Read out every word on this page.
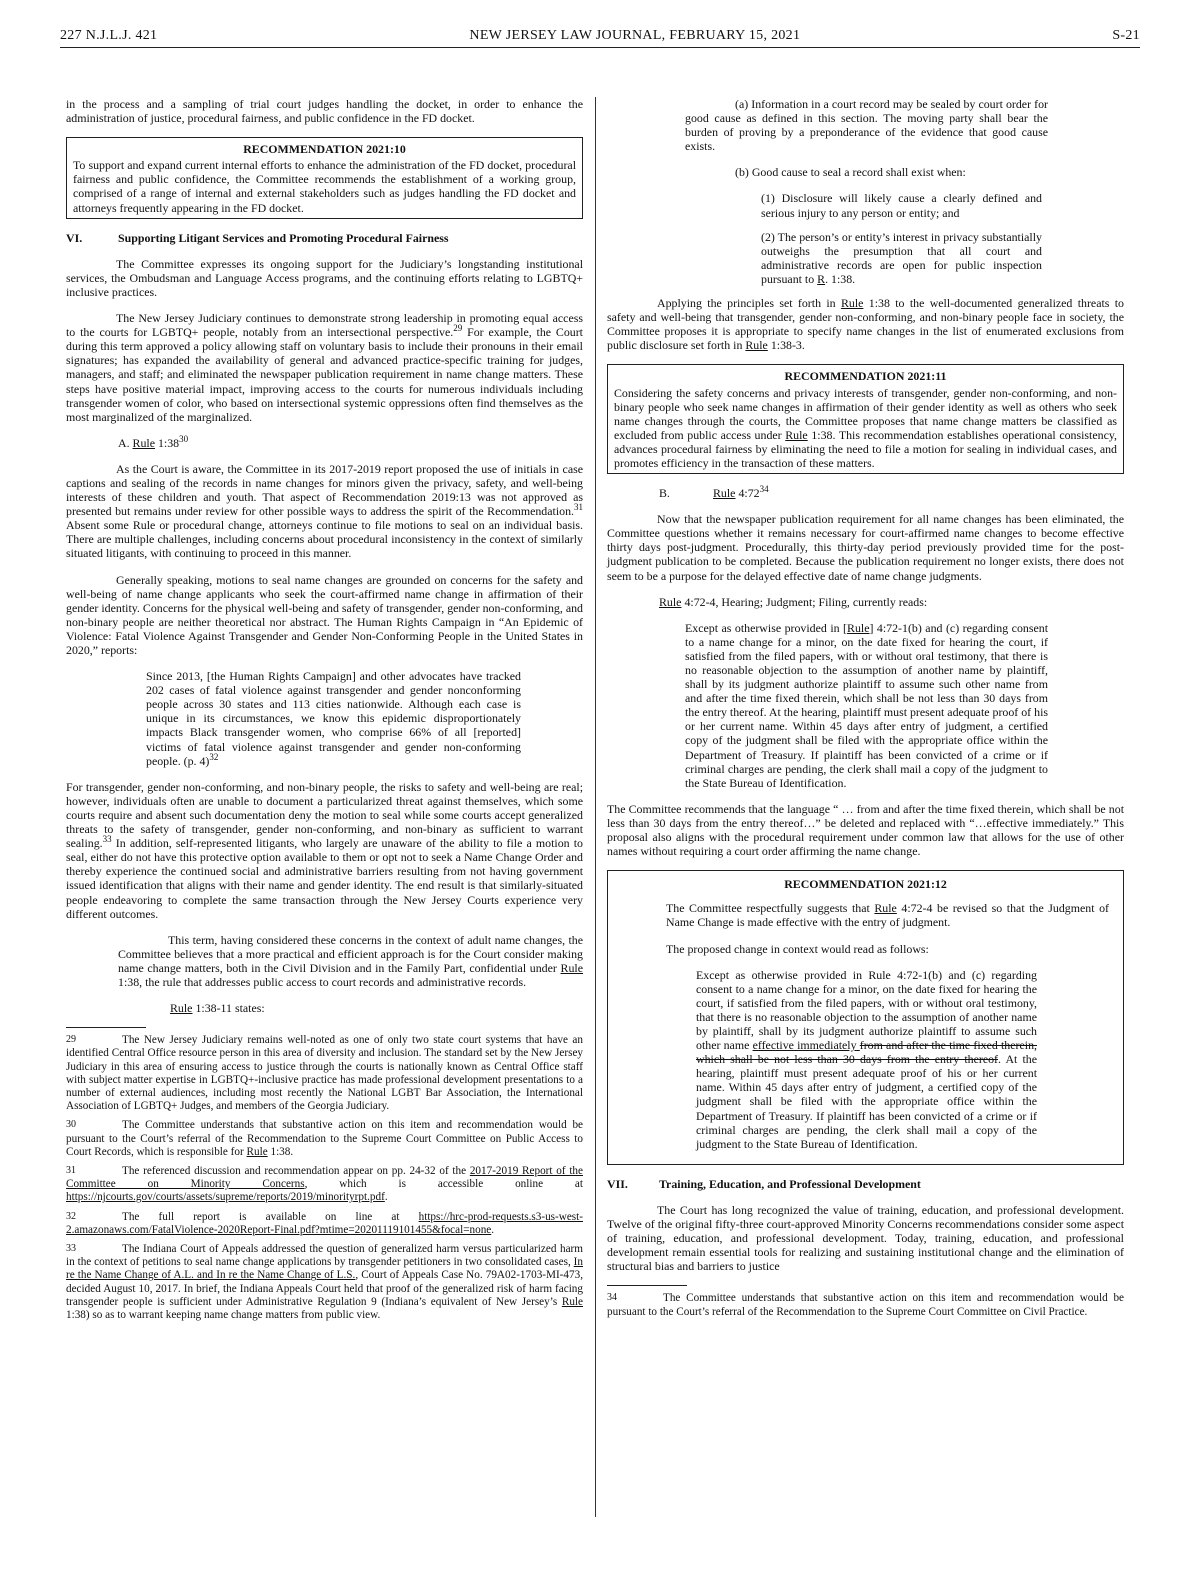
227 N.J.L.J. 421	NEW JERSEY LAW JOURNAL, FEBRUARY 15, 2021	S-21

in the process and a sampling of trial court judges handling the docket, in order to enhance the administration of justice, procedural fairness, and public confidence in the FD docket.

RECOMMENDATION 2021:10
To support and expand current internal efforts to enhance the administration of the FD docket, procedural fairness and public confidence, the Committee recommends the establishment of a working group, comprised of a range of internal and external stakeholders such as judges handling the FD docket and attorneys frequently appearing in the FD docket.
VI.	Supporting Litigant Services and Promoting Procedural Fairness

The Committee expresses its ongoing support for the Judiciary’s longstanding institutional services, the Ombudsman and Language Access programs, and the continuing efforts relating to LGBTQ+ inclusive practices.

The New Jersey Judiciary continues to demonstrate strong leadership in promoting equal access to the courts for LGBTQ+ people, notably from an intersectional perspective.$^{29}$ For example, the Court during this term approved a policy allowing staff on voluntary basis to include their pronouns in their email signatures; has expanded the availability of general and advanced practice-specific training for judges, managers, and staff; and eliminated the newspaper publication requirement in name change matters. These steps have positive material impact, improving access to the courts for numerous individuals including transgender women of color, who based on intersectional systemic oppressions often find themselves as the most marginalized of the marginalized.

A. Rule $1:38^{30}$

As the Court is aware, the Committee in its 2017-2019 report proposed the use of initials in case captions and sealing of the records in name changes for minors given the privacy, safety, and well-being interests of these children and youth. That aspect of Recommendation 2019:13 was not approved as presented but remains under review for other possible ways to address the spirit of the Recommendation.$^{31}$ Absent some Rule or procedural change, attorneys continue to file motions to seal on an individual basis. There are multiple challenges, including concerns about procedural inconsistency in the context of similarly situated litigants, with continuing to proceed in this manner.

Generally speaking, motions to seal name changes are grounded on concerns for the safety and well-being of name change applicants who seek the court-affirmed name change in affirmation of their gender identity. Concerns for the physical well-being and safety of transgender, gender non-conforming, and non-binary people are neither theoretical nor abstract. The Human Rights Campaign in “An Epidemic of Violence: Fatal Violence Against Transgender and Gender Non-Conforming People in the United States in 2020,” reports:

Since 2013, [the Human Rights Campaign] and other advocates have tracked 202 cases of fatal violence against transgender and gender nonconforming people across 30 states and 113 cities nationwide. Although each case is unique in its circumstances, we know this epidemic disproportionately impacts Black transgender women, who comprise 66% of all [reported] victims of fatal violence against transgender and gender non-conforming people. (p. 4)$^{32}$

For transgender, gender non-conforming, and non-binary people, the risks to safety and well-being are real; however, individuals often are unable to document a particularized threat against themselves, which some courts require and absent such documentation deny the motion to seal while some courts accept generalized threats to the safety of transgender, gender non-conforming, and non-binary as sufficient to warrant sealing.$^{33}$ In addition, self-represented litigants, who largely are unaware of the ability to file a motion to seal, either do not have this protective option available to them or opt not to seek a Name Change Order and thereby experience the continued social and administrative barriers resulting from not having government issued identification that aligns with their name and gender identity. The end result is that similarly-situated people endeavoring to complete the same transaction through the New Jersey Courts experience very different outcomes.

This term, having considered these concerns in the context of adult name changes, the Committee believes that a more practical and efficient approach is for the Court consider making name change matters, both in the Civil Division and in the Family Part, confidential under Rule 1:38, the rule that addresses public access to court records and administrative records.

Rule 1:38-11 states:

29	The New Jersey Judiciary remains well-noted as one of only two state court systems that have an identified Central Office resource person in this area of diversity and inclusion. The standard set by the New Jersey Judiciary in this area of ensuring access to justice through the courts is nationally known as Central Office staff with subject matter expertise in LGBTQ+-inclusive practice has made professional development presentations to a number of external audiences, including most recently the National LGBT Bar Association, the International Association of LGBTQ+ Judges, and members of the Georgia Judiciary.

30	The Committee understands that substantive action on this item and recommendation would be pursuant to the Court’s referral of the Recommendation to the Supreme Court Committee on Public Access to Court Records, which is responsible for Rule 1:38.

31	The referenced discussion and recommendation appear on pp. 24-32 of the 2017-2019 Report of the Committee on Minority Concerns, which is accessible online at https://njcourts.gov/courts/assets/supreme/reports/2019/minorityrpt.pdf.

32	The full report is available on line at https://hrc-prod-requests.s3-us-west-2.amazonaws.com/FatalViolence-2020Report-Final.pdf?mtime=20201119101455&focal=none.

33	The Indiana Court of Appeals addressed the question of generalized harm versus particularized harm in the context of petitions to seal name change applications by transgender petitioners in two consolidated cases, In re the Name Change of A.L. and In re the Name Change of L.S., Court of Appeals Case No. 79A02-1703-MI-473, decided August 10, 2017. In brief, the Indiana Appeals Court held that proof of the generalized risk of harm facing transgender people is sufficient under Administrative Regulation 9 (Indiana’s equivalent of New Jersey’s Rule 1:38) so as to warrant keeping name change matters from public view.

(a) Information in a court record may be sealed by court order for good cause as defined in this section. The moving party shall bear the burden of proving by a preponderance of the evidence that good cause exists.

(b) Good cause to seal a record shall exist when:

(1) Disclosure will likely cause a clearly defined and serious injury to any person or entity; and

(2) The person’s or entity’s interest in privacy substantially outweighs the presumption that all court and administrative records are open for public inspection pursuant to R. 1:38.

Applying the principles set forth in Rule 1:38 to the well-documented generalized threats to safety and well-being that transgender, gender non-conforming, and non-binary people face in society, the Committee proposes it is appropriate to specify name changes in the list of enumerated exclusions from public disclosure set forth in Rule 1:38-3.

RECOMMENDATION 2021:11
Considering the safety concerns and privacy interests of transgender, gender non-conforming, and non-binary people who seek name changes in affirmation of their gender identity as well as others who seek name changes through the courts, the Committee proposes that name change matters be classified as excluded from public access under Rule 1:38. This recommendation establishes operational consistency, advances procedural fairness by eliminating the need to file a motion for sealing in individual cases, and promotes efficiency in the transaction of these matters.

B.	Rule $4:72^{34}$

Now that the newspaper publication requirement for all name changes has been eliminated, the Committee questions whether it remains necessary for court-affirmed name changes to become effective thirty days post-judgment. Procedurally, this thirty-day period previously provided time for the post-judgment publication to be completed. Because the publication requirement no longer exists, there does not seem to be a purpose for the delayed effective date of name change judgments.

Rule 4:72-4, Hearing; Judgment; Filing, currently reads:

Except as otherwise provided in [Rule] 4:72-1(b) and (c) regarding consent to a name change for a minor, on the date fixed for hearing the court, if satisfied from the filed papers, with or without oral testimony, that there is no reasonable objection to the assumption of another name by plaintiff, shall by its judgment authorize plaintiff to assume such other name from and after the time fixed therein, which shall be not less than 30 days from the entry thereof. At the hearing, plaintiff must present adequate proof of his or her current name. Within 45 days after entry of judgment, a certified copy of the judgment shall be filed with the appropriate office within the Department of Treasury. If plaintiff has been convicted of a crime or if criminal charges are pending, the clerk shall mail a copy of the judgment to the State Bureau of Identification.

The Committee recommends that the language “ … from and after the time fixed therein, which shall be not less than 30 days from the entry thereof…” be deleted and replaced with “…effective immediately.” This proposal also aligns with the procedural requirement under common law that allows for the use of other names without requiring a court order affirming the name change.

RECOMMENDATION 2021:12

The Committee respectfully suggests that Rule 4:72-4 be revised so that the Judgment of Name Change is made effective with the entry of judgment.

The proposed change in context would read as follows:

Except as otherwise provided in Rule 4:72-1(b) and (c) regarding consent to a name change for a minor, on the date fixed for hearing the court, if satisfied from the filed papers, with or without oral testimony, that there is no reasonable objection to the assumption of another name by plaintiff, shall by its judgment authorize plaintiff to assume such other name effective immediately from and after the time fixed therein, which shall be not less than 30 days from the entry thereof. At the hearing, plaintiff must present adequate proof of his or her current name. Within 45 days after entry of judgment, a certified copy of the judgment shall be filed with the appropriate office within the Department of Treasury. If plaintiff has been convicted of a crime or if criminal charges are pending, the clerk shall mail a copy of the judgment to the State Bureau of Identification.

VII.	Training, Education, and Professional Development

The Court has long recognized the value of training, education, and professional development. Twelve of the original fifty-three court-approved Minority Concerns recommendations consider some aspect of training, education, and professional development. Today, training, education, and professional development remain essential tools for realizing and sustaining institutional change and the elimination of structural bias and barriers to justice

34	The Committee understands that substantive action on this item and recommendation would be pursuant to the Court’s referral of the Recommendation to the Supreme Court Committee on Civil Practice.
